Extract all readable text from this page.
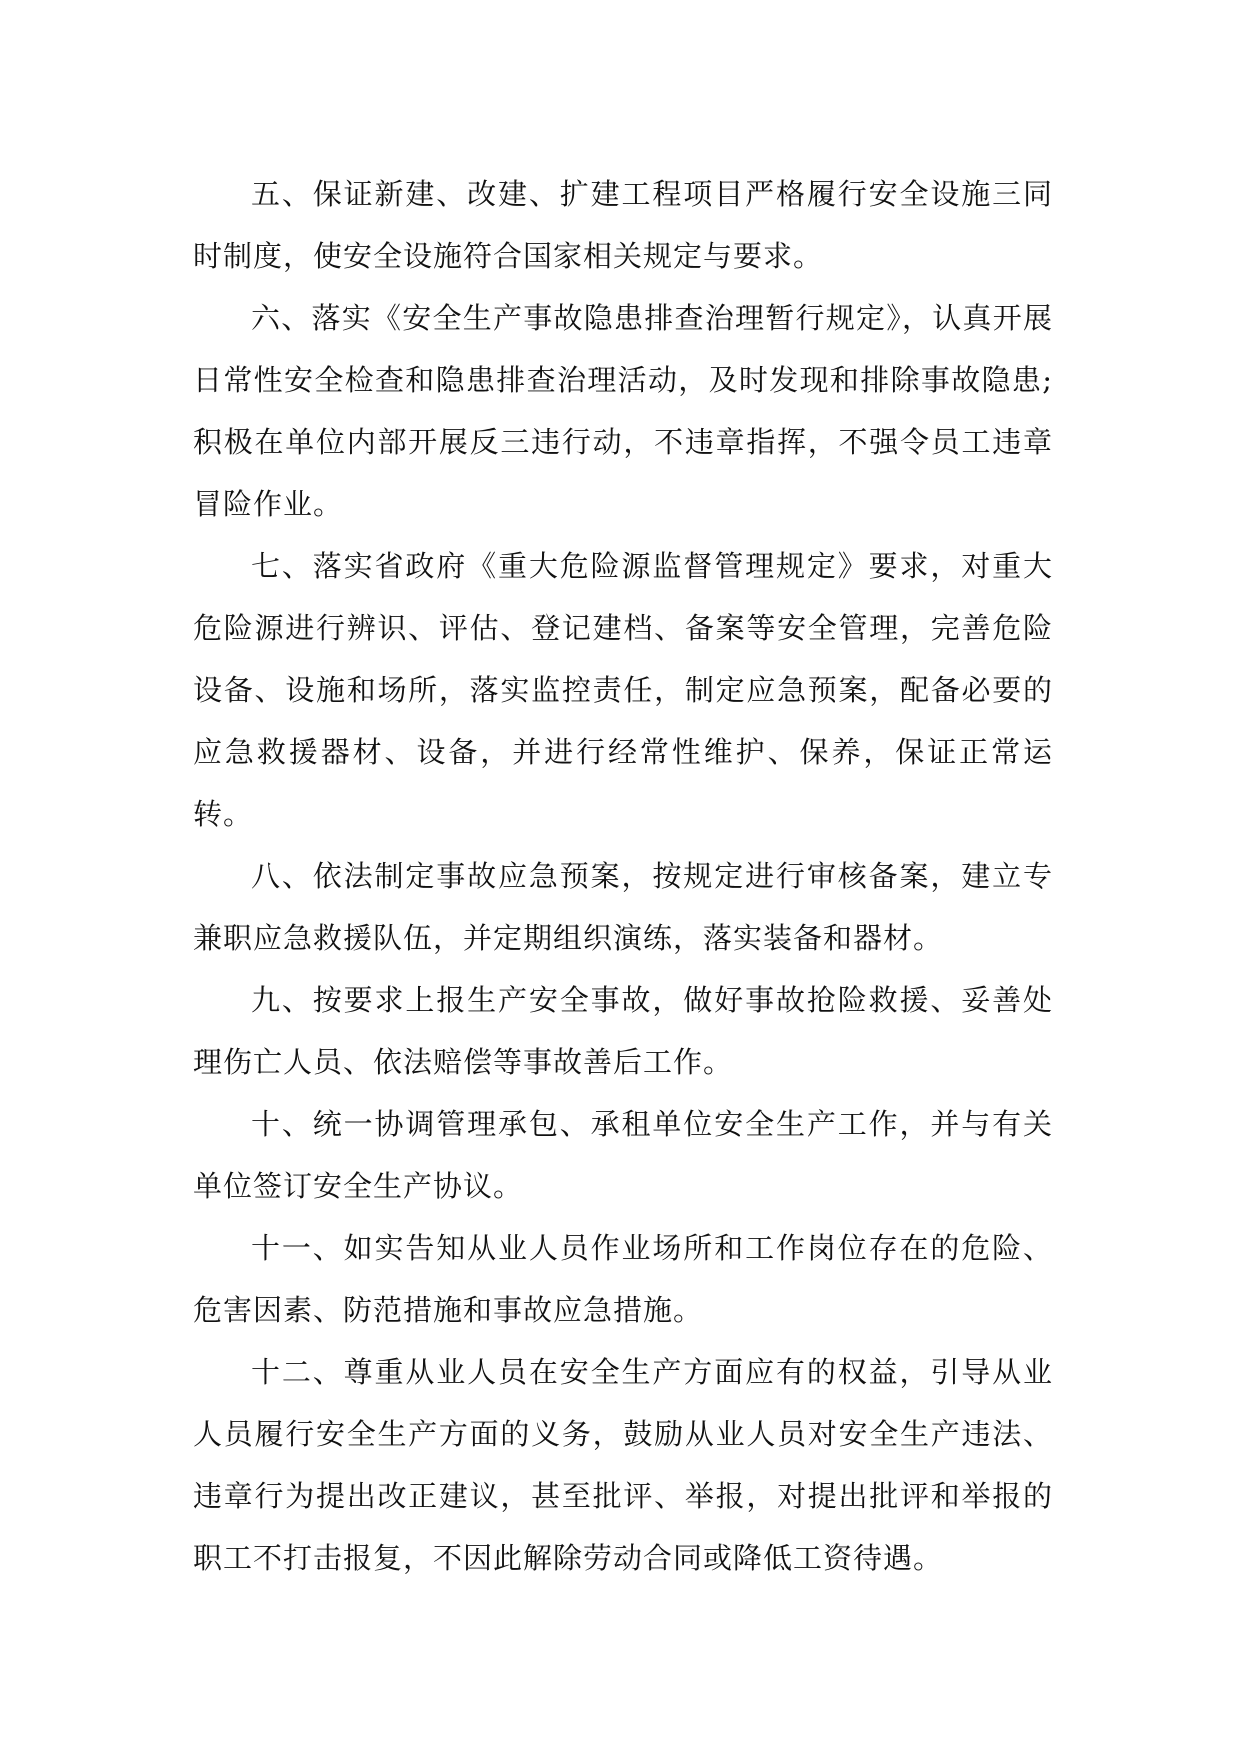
五、保证新建、改建、扩建工程项目严格履行安全设施三同时制度，使安全设施符合国家相关规定与要求。

六、落实《安全生产事故隐患排查治理暂行规定》，认真开展日常性安全检查和隐患排查治理活动，及时发现和排除事故隐患;积极在单位内部开展反三违行动，不违章指挥，不强令员工违章冒险作业。

七、落实省政府《重大危险源监督管理规定》要求，对重大危险源进行辨识、评估、登记建档、备案等安全管理，完善危险设备、设施和场所，落实监控责任，制定应急预案，配备必要的应急救援器材、设备，并进行经常性维护、保养，保证正常运转。

八、依法制定事故应急预案，按规定进行审核备案，建立专兼职应急救援队伍，并定期组织演练，落实装备和器材。

九、按要求上报生产安全事故，做好事故抢险救援、妥善处理伤亡人员、依法赔偿等事故善后工作。

十、统一协调管理承包、承租单位安全生产工作，并与有关单位签订安全生产协议。

十一、如实告知从业人员作业场所和工作岗位存在的危险、危害因素、防范措施和事故应急措施。

十二、尊重从业人员在安全生产方面应有的权益，引导从业人员履行安全生产方面的义务，鼓励从业人员对安全生产违法、违章行为提出改正建议，甚至批评、举报，对提出批评和举报的职工不打击报复，不因此解除劳动合同或降低工资待遇。
